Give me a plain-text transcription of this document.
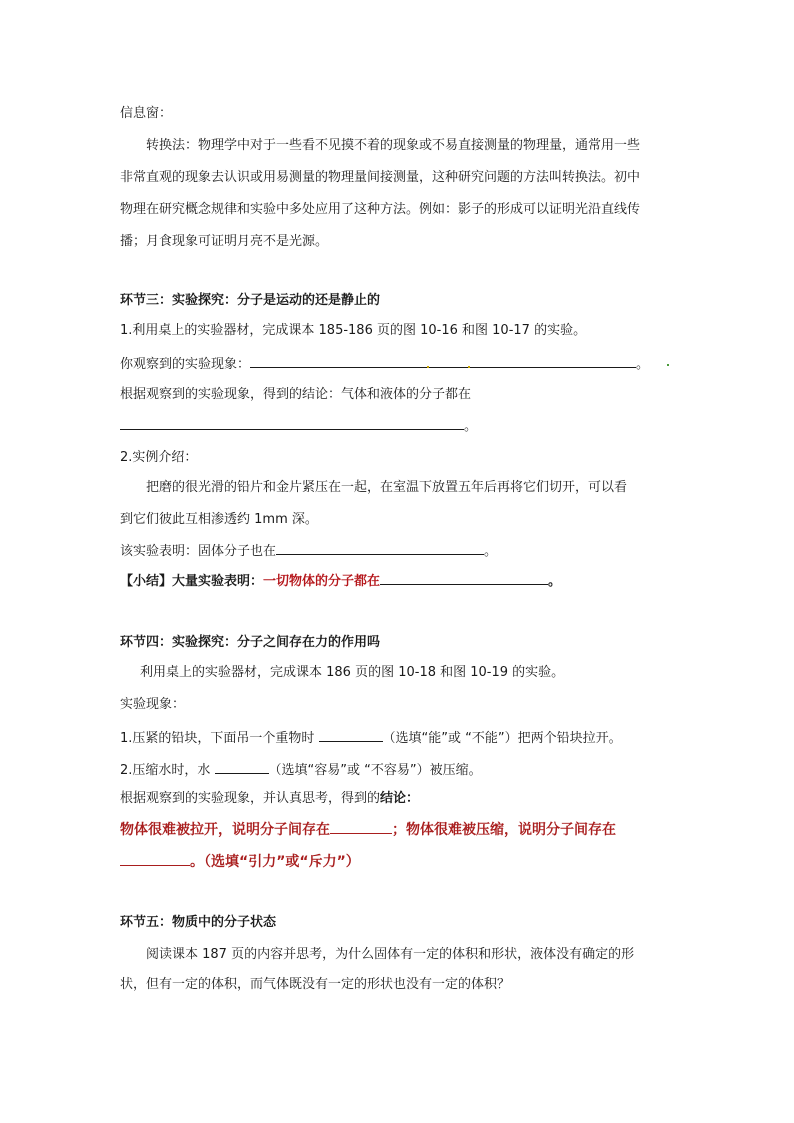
信息窗：
转换法：物理学中对于一些看不见摸不着的现象或不易直接测量的物理量，通常用一些
非常直观的现象去认识或用易测量的物理量间接测量，这种研究问题的方法叫转换法。初中
物理在研究概念规律和实验中多处应用了这种方法。例如：影子的形成可以证明光沿直线传
播；月食现象可证明月亮不是光源。
环节三：实验探究：分子是运动的还是静止的
1.利用桌上的实验器材，完成课本 185-186 页的图 10-16 和图 10-17 的实验。
你观察到的实验现象：	。
根据观察到的实验现象，得到的结论：气体和液体的分子都在
。
2.实例介绍：
把磨的很光滑的铅片和金片紧压在一起，在室温下放置五年后再将它们切开，可以看
到它们彼此互相渗透约 1mm 深。
该实验表明：固体分子也在	。
【小结】大量实验表明：一切物体的分子都在	。
环节四：实验探究：分子之间存在力的作用吗
利用桌上的实验器材，完成课本 186 页的图 10-18 和图 10-19 的实验。
实验现象：
1.压紧的铅块，下面吊一个重物时	（选填“能”或 “不能”）把两个铅块拉开。
2.压缩水时，水	（选填“容易”或 “不容易”）被压缩。
根据观察到的实验现象，并认真思考，得到的结论：
物体很难被拉开，说明分子间存在	；物体很难被压缩，说明分子间存在
。（选填“引力”或“斥力”）
环节五：物质中的分子状态
阅读课本 187 页的内容并思考，为什么固体有一定的体积和形状，液体没有确定的形
状，但有一定的体积，而气体既没有一定的形状也没有一定的体积？
